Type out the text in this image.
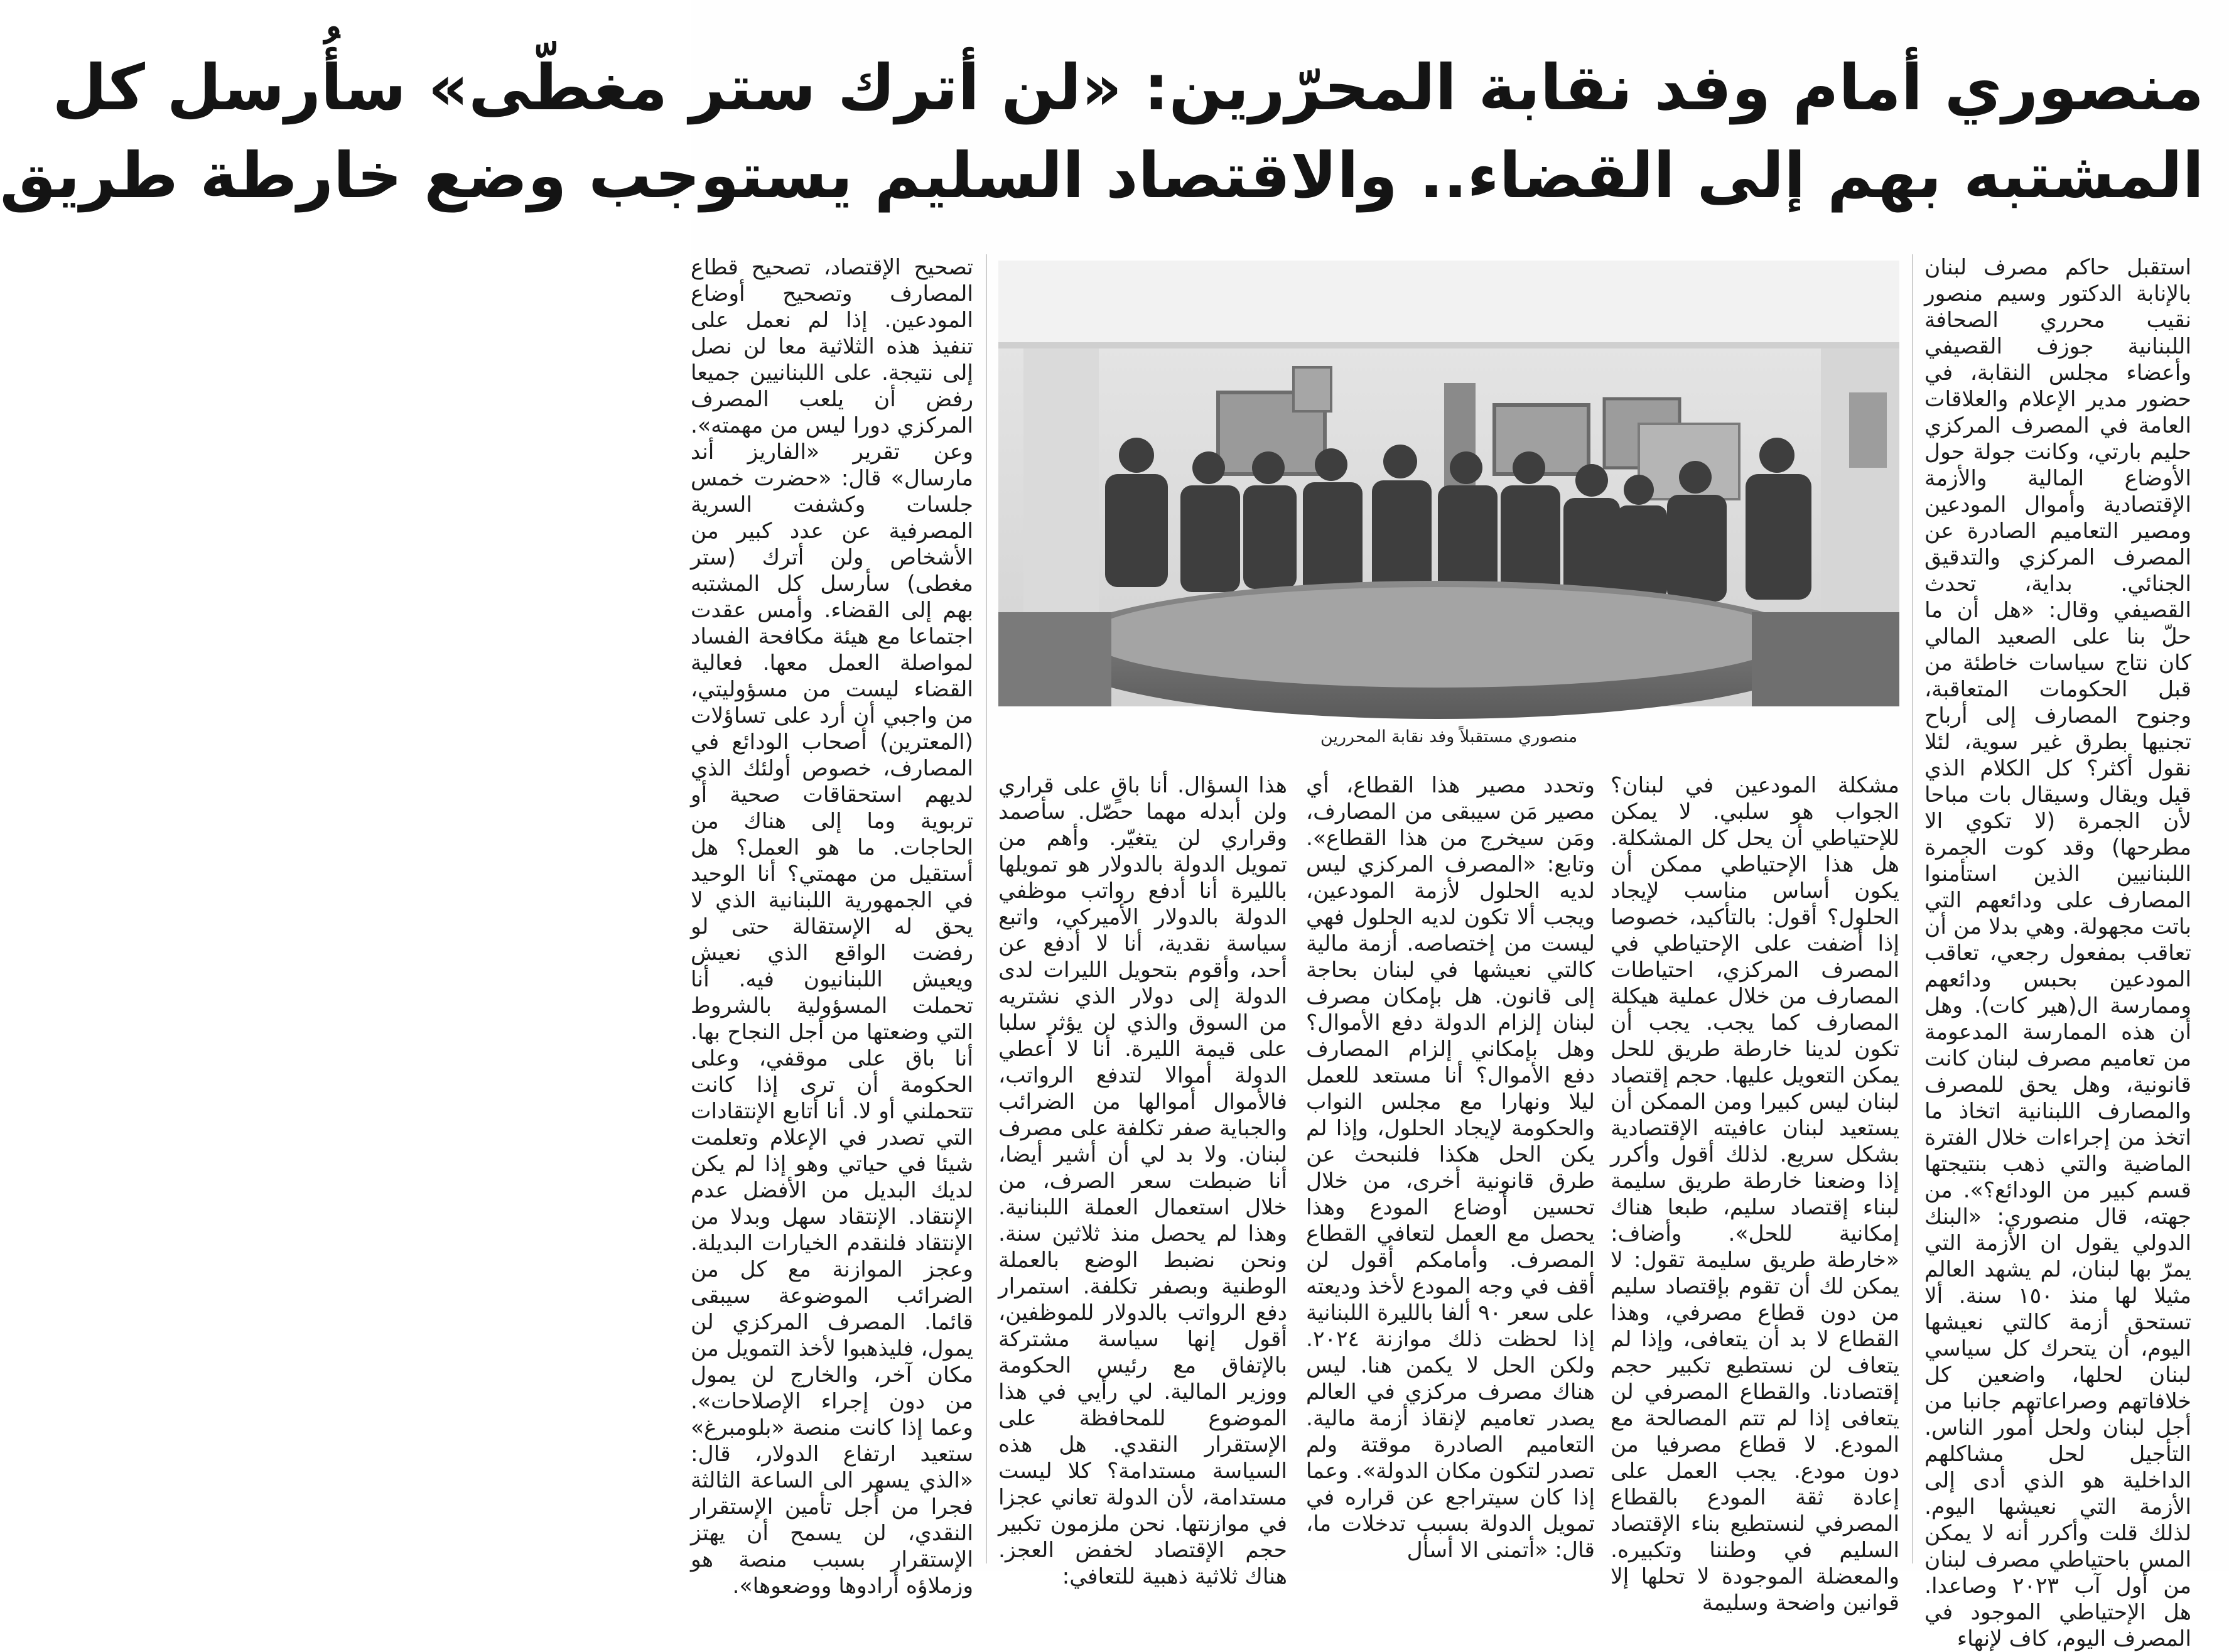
منصوري أمام وفد نقابة المحرّرين: «لن أترك ستر مغطّى» سأُرسل كل
المشتبه بهم إلى القضاء.. والاقتصاد السليم يستوجب وضع خارطة طريق

استقبل حاكم مصرف لبنان بالإنابة الدكتور وسيم منصور نقيب محرري الصحافة اللبنانية جوزف القصيفي وأعضاء مجلس النقابة، في حضور مدير الإعلام والعلاقات العامة في المصرف المركزي حليم بارتي، وكانت جولة حول الأوضاع المالية والأزمة الإقتصادية وأموال المودعين ومصير التعاميم الصادرة عن المصرف المركزي والتدقيق الجنائي. بداية، تحدث القصيفي وقال: «هل أن ما حلّ بنا على الصعيد المالي كان نتاج سياسات خاطئة من قبل الحكومات المتعاقبة، وجنوح المصارف إلى أرباح تجنيها بطرق غير سوية، لئلا نقول أكثر؟ كل الكلام الذي قيل ويقال وسيقال بات مباحا لأن الجمرة (لا تكوي الا مطرحها) وقد كوت الجمرة اللبنانيين الذين استأمنوا المصارف على ودائعهم التي باتت مجهولة. وهي بدلا من أن تعاقب بمفعول رجعي، تعاقب المودعين بحبس ودائعهم وممارسة ال(هير كات). وهل أن هذه الممارسة المدعومة من تعاميم مصرف لبنان كانت قانونية، وهل يحق للمصرف والمصارف اللبنانية اتخاذ ما اتخذ من إجراءات خلال الفترة الماضية والتي ذهب بنتيجتها قسم كبير من الودائع؟». من جهته، قال منصوري: «البنك الدولي يقول ان الأزمة التي يمرّ بها لبنان، لم يشهد العالم مثيلا لها منذ ١٥٠ سنة. ألا تستحق أزمة كالتي نعيشها اليوم، أن يتحرك كل سياسي لبنان لحلها، واضعين كل خلافاتهم وصراعاتهم جانبا من أجل لبنان ولحل أمور الناس. التأجيل لحل مشاكلهم الداخلية هو الذي أدى إلى الأزمة التي نعيشها اليوم. لذلك قلت وأكرر أنه لا يمكن المس باحتياطي مصرف لبنان من أول آب ٢٠٢٣ وصاعدا. هل الإحتياطي الموجود في المصرف اليوم، كاف لإنهاء

منصوري مستقبلاً وفد نقابة المحررين

مشكلة المودعين في لبنان؟ الجواب هو سلبي. لا يمكن للإحتياطي أن يحل كل المشكلة. هل هذا الإحتياطي ممكن أن يكون أساس مناسب لإيجاد الحلول؟ أقول: بالتأكيد، خصوصا إذا أضفت على الإحتياطي في المصرف المركزي، احتياطات المصارف من خلال عملية هيكلة المصارف كما يجب. يجب أن تكون لدينا خارطة طريق للحل يمكن التعويل عليها. حجم إقتصاد لبنان ليس كبيرا ومن الممكن أن يستعيد لبنان عافيته الإقتصادية بشكل سريع. لذلك أقول وأكرر إذا وضعنا خارطة طريق سليمة لبناء إقتصاد سليم، طبعا هناك إمكانية للحل». وأضاف: «خارطة طريق سليمة تقول: لا يمكن لك أن تقوم بإقتصاد سليم من دون قطاع مصرفي، وهذا القطاع لا بد أن يتعافى، وإذا لم يتعاف لن نستطيع تكبير حجم إقتصادنا. والقطاع المصرفي لن يتعافى إذا لم تتم المصالحة مع المودع. لا قطاع مصرفيا من دون مودع. يجب العمل على إعادة ثقة المودع بالقطاع المصرفي لنستطيع بناء الإقتصاد السليم في وطننا وتكبيره. والمعضلة الموجودة لا تحلها إلا قوانين واضحة وسليمة

وتحدد مصير هذا القطاع، أي مصير مَن سيبقى من المصارف، ومَن سيخرج من هذا القطاع». وتابع: «المصرف المركزي ليس لديه الحلول لأزمة المودعين، ويجب ألا تكون لديه الحلول فهي ليست من إختصاصه. أزمة مالية كالتي نعيشها في لبنان بحاجة إلى قانون. هل بإمكان مصرف لبنان إلزام الدولة دفع الأموال؟ وهل بإمكاني إلزام المصارف دفع الأموال؟ أنا مستعد للعمل ليلا ونهارا مع مجلس النواب والحكومة لإيجاد الحلول، وإذا لم يكن الحل هكذا فلنبحث عن طرق قانونية أخرى، من خلال تحسين أوضاع المودع وهذا يحصل مع العمل لتعافي القطاع المصرف. وأمامكم أقول لن أقف في وجه المودع لأخذ وديعته على سعر ٩٠ ألفا بالليرة اللبنانية إذا لحظت ذلك موازنة ٢٠٢٤. ولكن الحل لا يكمن هنا. ليس هناك مصرف مركزي في العالم يصدر تعاميم لإنقاذ أزمة مالية. التعاميم الصادرة موقتة ولم تصدر لتكون مكان الدولة». وعما إذا كان سيتراجع عن قراره في تمويل الدولة بسبب تدخلات ما، قال: «أتمنى الا أسأل

هذا السؤال. أنا باقٍ على قراري ولن أبدله مهما حصّل. سأصمد وقراري لن يتغيّر. وأهم من تمويل الدولة بالدولار هو تمويلها بالليرة أنا أدفع رواتب موظفي الدولة بالدولار الأميركي، واتبع سياسة نقدية، أنا لا أدفع عن أحد، وأقوم بتحويل الليرات لدى الدولة إلى دولار الذي نشتريه من السوق والذي لن يؤثر سلبا على قيمة الليرة. أنا لا أعطي الدولة أموالا لتدفع الرواتب، فالأموال أموالها من الضرائب والجباية صفر تكلفة على مصرف لبنان. ولا بد لي أن أشير أيضا، أنا ضبطت سعر الصرف، من خلال استعمال العملة اللبنانية. وهذا لم يحصل منذ ثلاثين سنة. ونحن نضبط الوضع بالعملة الوطنية وبصفر تكلفة. استمرار دفع الرواتب بالدولار للموظفين، أقول إنها سياسة مشتركة بالإتفاق مع رئيس الحكومة ووزير المالية. لي رأيي في هذا الموضوع للمحافظة على الإستقرار النقدي. هل هذه السياسة مستدامة؟ كلا ليست مستدامة، لأن الدولة تعاني عجزا في موازنتها. نحن ملزمون تكبير حجم الإقتصاد لخفض العجز. هناك ثلاثية ذهبية للتعافي:

تصحيح الإقتصاد، تصحيح قطاع المصارف وتصحيح أوضاع المودعين. إذا لم نعمل على تنفيذ هذه الثلاثية معا لن نصل إلى نتيجة. على اللبنانيين جميعا رفض أن يلعب المصرف المركزي دورا ليس من مهمته». وعن تقرير «الفاريز أند مارسال» قال: «حضرت خمس جلسات وكشفت السرية المصرفية عن عدد كبير من الأشخاص ولن أترك (ستر مغطى) سأرسل كل المشتبه بهم إلى القضاء. وأمس عقدت اجتماعا مع هيئة مكافحة الفساد لمواصلة العمل معها. فعالية القضاء ليست من مسؤوليتي، من واجبي أن أرد على تساؤلات (المعترين) أصحاب الودائع في المصارف، خصوص أولئك الذي لديهم استحقاقات صحية أو تربوية وما إلى هناك من الحاجات. ما هو العمل؟ هل أستقيل من مهمتي؟ أنا الوحيد في الجمهورية اللبنانية الذي لا يحق له الإستقالة حتى لو رفضت الواقع الذي نعيش ويعيش اللبنانيون فيه. أنا تحملت المسؤولية بالشروط التي وضعتها من أجل النجاح بها. أنا باق على موقفي، وعلى الحكومة أن ترى إذا كانت تتحملني أو لا. أنا أتابع الإنتقادات التي تصدر في الإعلام وتعلمت شيئا في حياتي وهو إذا لم يكن لديك البديل من الأفضل عدم الإنتقاد. الإنتقاد سهل وبدلا من الإنتقاد فلنقدم الخيارات البديلة. وعجز الموازنة مع كل من الضرائب الموضوعة سيبقى قائما. المصرف المركزي لن يمول، فليذهبوا لأخذ التمويل من مكان آخر، والخارج لن يمول من دون إجراء الإصلاحات». وعما إذا كانت منصة «بلومبرغ» ستعيد ارتفاع الدولار، قال: «الذي يسهر الى الساعة الثالثة فجرا من أجل تأمين الإستقرار النقدي، لن يسمح أن يهتز الإستقرار بسبب منصة هو وزملاؤه أرادوها ووضعوها».
